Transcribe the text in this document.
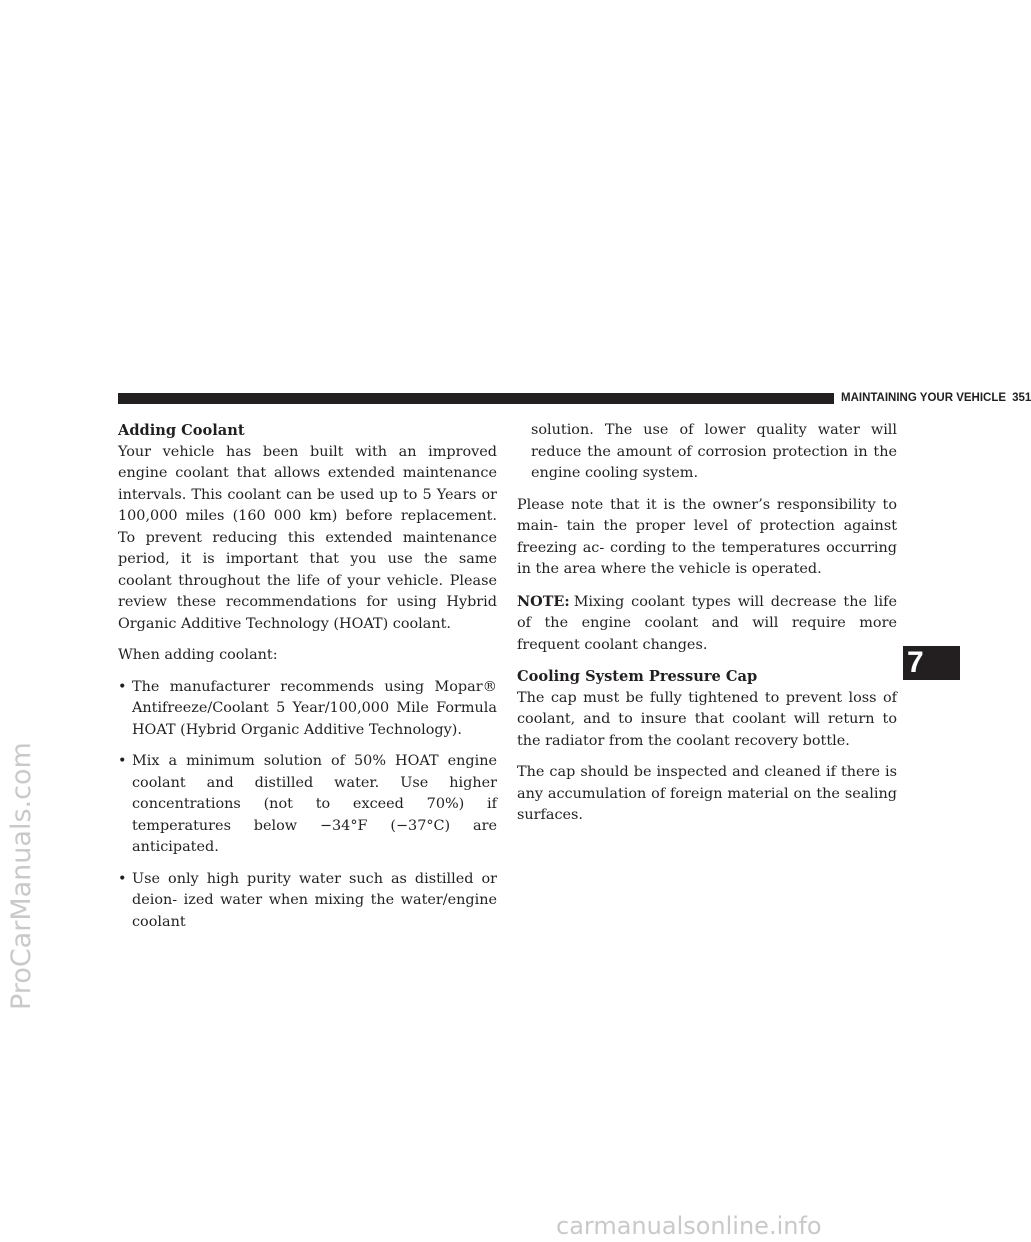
MAINTAINING YOUR VEHICLE 351
7
Adding Coolant

Your vehicle has been built with an improved engine coolant that allows extended maintenance intervals. This coolant can be used up to 5 Years or 100,000 miles (160 000 km) before replacement. To prevent reducing this extended maintenance period, it is important that you use the same coolant throughout the life of your vehicle. Please review these recommendations for using Hybrid Organic Additive Technology (HOAT) coolant.

When adding coolant:

• The manufacturer recommends using Mopar® Antifreeze/Coolant 5 Year/100,000 Mile Formula HOAT (Hybrid Organic Additive Technology).
• Mix a minimum solution of 50% HOAT engine coolant and distilled water. Use higher concentrations (not to exceed 70%) if temperatures below −34°F (−37°C) are anticipated.
• Use only high purity water such as distilled or deion- ized water when mixing the water/engine coolant
solution. The use of lower quality water will reduce the amount of corrosion protection in the engine cooling system.

Please note that it is the owner’s responsibility to main- tain the proper level of protection against freezing ac- cording to the temperatures occurring in the area where the vehicle is operated.

NOTE: Mixing coolant types will decrease the life of the engine coolant and will require more frequent coolant changes.

Cooling System Pressure Cap

The cap must be fully tightened to prevent loss of coolant, and to insure that coolant will return to the radiator from the coolant recovery bottle.

The cap should be inspected and cleaned if there is any accumulation of foreign material on the sealing surfaces.

ProCarManuals.com
carmanualsonline.info
